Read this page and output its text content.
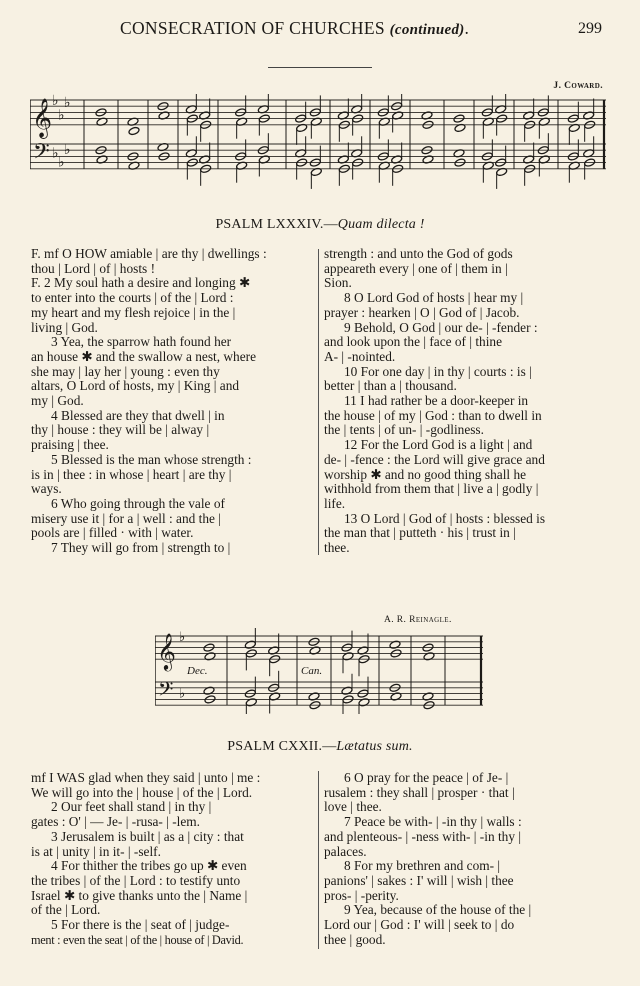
CONSECRATION OF CHURCHES (continued).	299
J. Coward.
𝄞
𝄢
♭
♭
♭
♭
♭
♭
PSALM LXXXIV.—Quam dilecta !

F. mf O HOW amiable | are thy | dwellings :

thou | Lord | of | hosts !

F. 2 My soul hath a desire and longing ✱

to enter into the courts | of the | Lord :

my heart and my flesh rejoice | in the |

living | God.

3 Yea, the sparrow hath found her

an house ✱ and the swallow a nest, where

she may | lay her | young : even thy

altars, O Lord of hosts, my | King | and

my | God.

4 Blessed are they that dwell | in

thy | house : they will be | alway |

praising | thee.

5 Blessed is the man whose strength :

is in | thee : in whose | heart | are thy |

ways.

6 Who going through the vale of

misery use it | for a | well : and the |

pools are | filled · with | water.

7 They will go from | strength to |

strength : and unto the God of gods

appeareth every | one of | them in |

Sion.

8 O Lord God of hosts | hear my |

prayer : hearken | O | God of | Jacob.

9 Behold, O God | our de- | -fender :

and look upon the | face of | thine

A- | -nointed.

10 For one day | in thy | courts : is |

better | than a | thousand.

11 I had rather be a door-keeper in

the house | of my | God : than to dwell in

the | tents | of un- | -godliness.

12 For the Lord God is a light | and

de- | -fence : the Lord will give grace and

worship ✱ and no good thing shall he

withhold from them that | live a | godly |

life.

13 O Lord | God of | hosts : blessed is

the man that | putteth · his | trust in |

thee.

A. R. Reinagle.
𝄞
𝄢
♭
♭
Dec.	Can.
PSALM CXXII.—Lætatus sum.

mf I WAS glad when they said | unto | me :

We will go into the | house | of the | Lord.

2 Our feet shall stand | in thy |

gates : O' | — Je- | -rusa- | -lem.

3 Jerusalem is built | as a | city : that

is at | unity | in it- | -self.

4 For thither the tribes go up ✱ even

the tribes | of the | Lord : to testify unto

Israel ✱ to give thanks unto the | Name |

of the | Lord.

5 For there is the | seat of | judge-

ment : even the seat | of the | house of | David.

6 O pray for the peace | of Je- |

rusalem : they shall | prosper · that |

love | thee.

7 Peace be with- | -in thy | walls :

and plenteous- | -ness with- | -in thy |

palaces.

8 For my brethren and com- |

panions' | sakes : I' will | wish | thee

pros- | -perity.

9 Yea, because of the house of the |

Lord our | God : I' will | seek to | do

thee | good.
